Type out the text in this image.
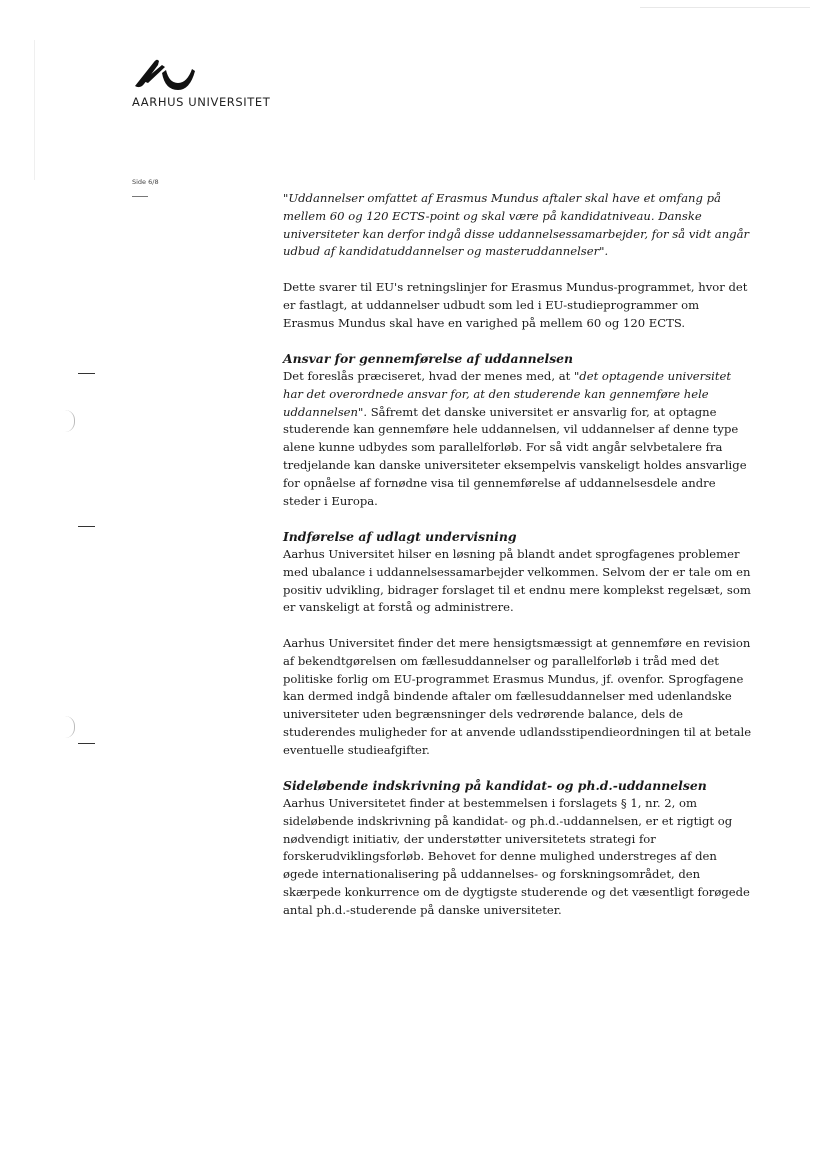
AARHUS UNIVERSITET
Side 6/8

"Uddannelser omfattet af Erasmus Mundus aftaler skal have et omfang på mellem 60 og 120 ECTS-point og skal være på kandidatniveau. Danske universiteter kan derfor indgå disse uddannelsessamarbejder, for så vidt angår udbud af kandidatuddannelser og masteruddannelser".

Dette svarer til EU's retningslinjer for Erasmus Mundus-programmet, hvor det er fastlagt, at uddannelser udbudt som led i EU-studieprogrammer om Erasmus Mundus skal have en varighed på mellem 60 og 120 ECTS.

Ansvar for gennemførelse af uddannelsen

Det foreslås præciseret, hvad der menes med, at "det optagende universitet har det overordnede ansvar for, at den studerende kan gennemføre hele uddannelsen". Såfremt det danske universitet er ansvarlig for, at optagne studerende kan gennemføre hele uddannelsen, vil uddannelser af denne type alene kunne udbydes som parallelforløb. For så vidt angår selvbetalere fra tredjelande kan danske universiteter eksempelvis vanskeligt holdes ansvarlige for opnåelse af fornødne visa til gennemførelse af uddannelsesdele andre steder i Europa.

Indførelse af udlagt undervisning

Aarhus Universitet hilser en løsning på blandt andet sprogfagenes problemer med ubalance i uddannelsessamarbejder velkommen. Selvom der er tale om en positiv udvikling, bidrager forslaget til et endnu mere komplekst regelsæt, som er vanskeligt at forstå og administrere.

Aarhus Universitet finder det mere hensigtsmæssigt at gennemføre en revision af bekendtgørelsen om fællesuddannelser og parallelforløb i tråd med det politiske forlig om EU-programmet Erasmus Mundus, jf. ovenfor. Sprogfagene kan dermed indgå bindende aftaler om fællesuddannelser med udenlandske universiteter uden begrænsninger dels vedrørende balance, dels de studerendes muligheder for at anvende udlandsstipendieordningen til at betale eventuelle studieafgifter.

Sideløbende indskrivning på kandidat- og ph.d.-uddannelsen

Aarhus Universitetet finder at bestemmelsen i forslagets § 1, nr. 2, om sideløbende indskrivning på kandidat- og ph.d.-uddannelsen, er et rigtigt og nødvendigt initiativ, der understøtter universitetets strategi for forskerudviklingsforløb. Behovet for denne mulighed understreges af den øgede internationalisering på uddannelses- og forskningsområdet, den skærpede konkurrence om de dygtigste studerende og det væsentligt forøgede antal ph.d.-studerende på danske universiteter.
